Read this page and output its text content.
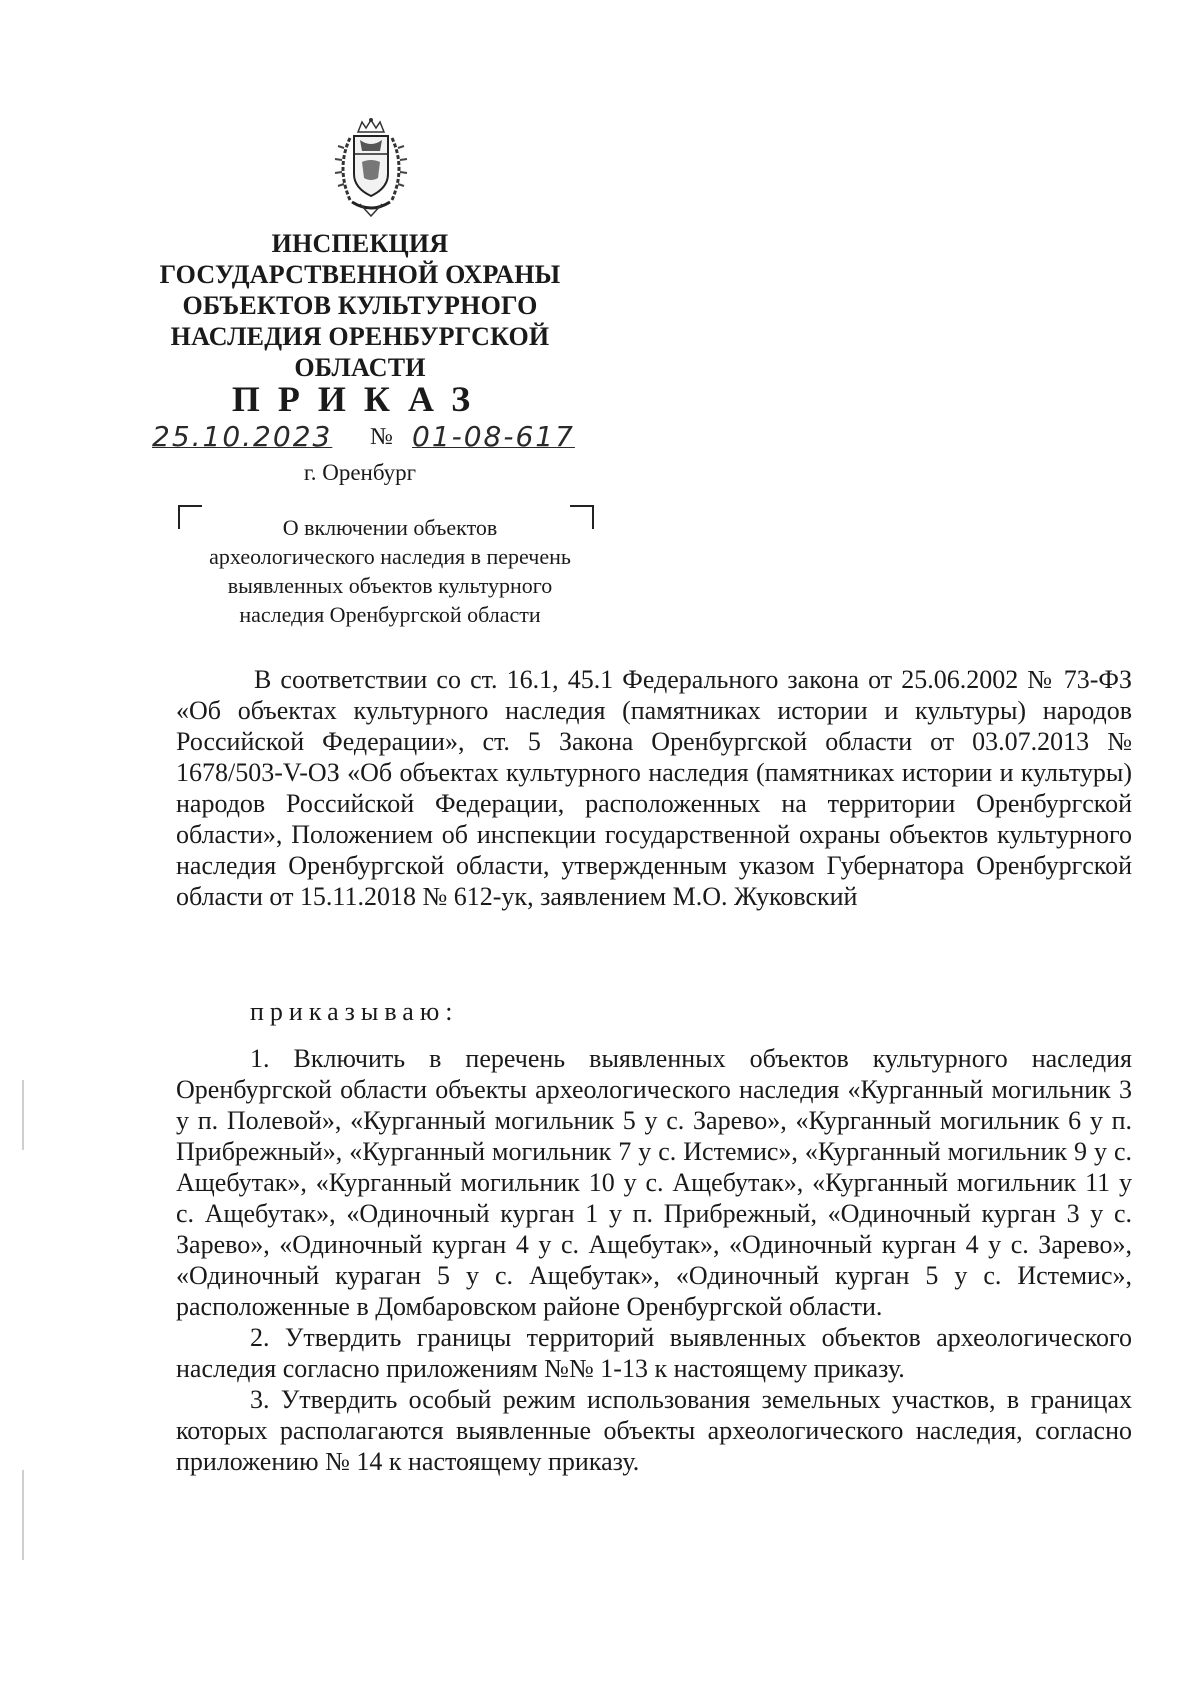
ИНСПЕКЦИЯ
ГОСУДАРСТВЕННОЙ ОХРАНЫ
ОБЪЕКТОВ КУЛЬТУРНОГО
НАСЛЕДИЯ ОРЕНБУРГСКОЙ
ОБЛАСТИ
ПРИКАЗ
25.10.2023 № 01-08-617
г. Оренбург
О включении объектов
археологического наследия в перечень
выявленных объектов культурного
наследия Оренбургской области
В соответствии со ст. 16.1, 45.1 Федерального закона от 25.06.2002 № 73-ФЗ «Об объектах культурного наследия (памятниках истории и культуры) народов Российской Федерации», ст. 5 Закона Оренбургской области от 03.07.2013 № 1678/503-V-ОЗ «Об объектах культурного наследия (памятниках истории и культуры) народов Российской Федерации, расположенных на территории Оренбургской области», Положением об инспекции государственной охраны объектов культурного наследия Оренбургской области, утвержденным указом Губернатора Оренбургской области от 15.11.2018 № 612-ук, заявлением М.О. Жуковский
приказываю:

1. Включить в перечень выявленных объектов культурного наследия Оренбургской области объекты археологического наследия «Курганный могильник 3 у п. Полевой», «Курганный могильник 5 у с. Зарево», «Курганный могильник 6 у п. Прибрежный», «Курганный могильник 7 у с. Истемис», «Курганный могильник 9 у с. Ащебутак», «Курганный могильник 10 у с. Ащебутак», «Курганный могильник 11 у с. Ащебутак», «Одиночный курган 1 у п. Прибрежный, «Одиночный курган 3 у с. Зарево», «Одиночный курган 4 у с. Ащебутак», «Одиночный курган 4 у с. Зарево», «Одиночный кураган 5 у с. Ащебутак», «Одиночный курган 5 у с. Истемис», расположенные в Домбаровском районе Оренбургской области.

2. Утвердить границы территорий выявленных объектов археологического наследия согласно приложениям №№ 1-13 к настоящему приказу.

3. Утвердить особый режим использования земельных участков, в границах которых располагаются выявленные объекты археологического наследия, согласно приложению № 14 к настоящему приказу.
